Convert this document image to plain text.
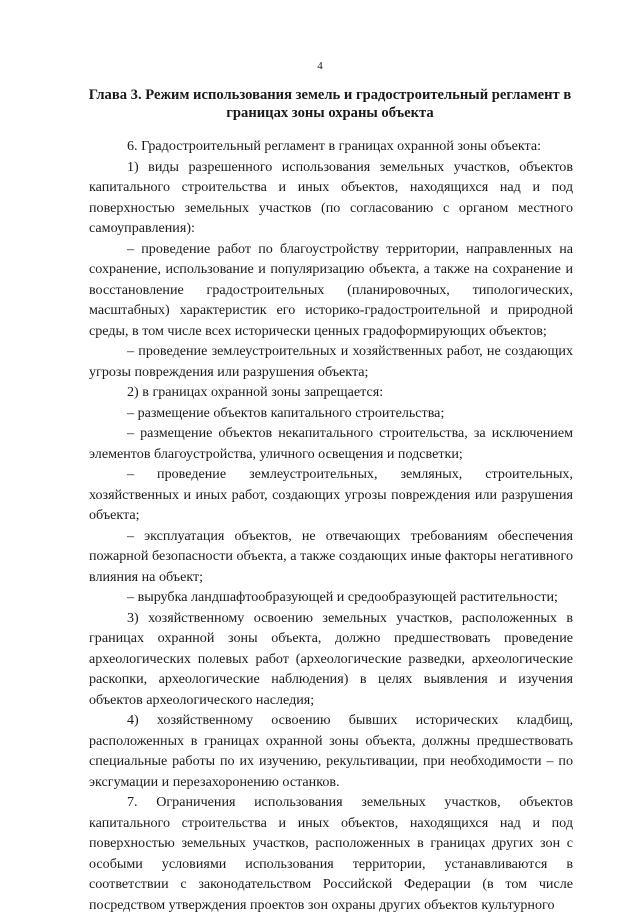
4
Глава 3. Режим использования земель и градостроительный регламент в границах зоны охраны объекта

6. Градостроительный регламент в границах охранной зоны объекта:

1) виды разрешенного использования земельных участков, объектов капитального строительства и иных объектов, находящихся над и под поверхностью земельных участков (по согласованию с органом местного самоуправления):

– проведение работ по благоустройству территории, направленных на сохранение, использование и популяризацию объекта, а также на сохранение и восстановление градостроительных (планировочных, типологических, масштабных) характеристик его историко-градостроительной и природной среды, в том числе всех исторически ценных градоформирующих объектов;

– проведение землеустроительных и хозяйственных работ, не создающих угрозы повреждения или разрушения объекта;

2) в границах охранной зоны запрещается:

– размещение объектов капитального строительства;

– размещение объектов некапитального строительства, за исключением элементов благоустройства, уличного освещения и подсветки;

– проведение землеустроительных, земляных, строительных, хозяйственных и иных работ, создающих угрозы повреждения или разрушения объекта;

– эксплуатация объектов, не отвечающих требованиям обеспечения пожарной безопасности объекта, а также создающих иные факторы негативного влияния на объект;

– вырубка ландшафтообразующей и средообразующей растительности;

3) хозяйственному освоению земельных участков, расположенных в границах охранной зоны объекта, должно предшествовать проведение археологических полевых работ (археологические разведки, археологические раскопки, археологические наблюдения) в целях выявления и изучения объектов археологического наследия;

4) хозяйственному освоению бывших исторических кладбищ, расположенных в границах охранной зоны объекта, должны предшествовать специальные работы по их изучению, рекультивации, при необходимости – по эксгумации и перезахоронению останков.

7. Ограничения использования земельных участков, объектов капитального строительства и иных объектов, находящихся над и под поверхностью земельных участков, расположенных в границах других зон с особыми условиями использования территории, устанавливаются в соответствии с законодательством Российской Федерации (в том числе посредством утверждения проектов зон охраны других объектов культурного
